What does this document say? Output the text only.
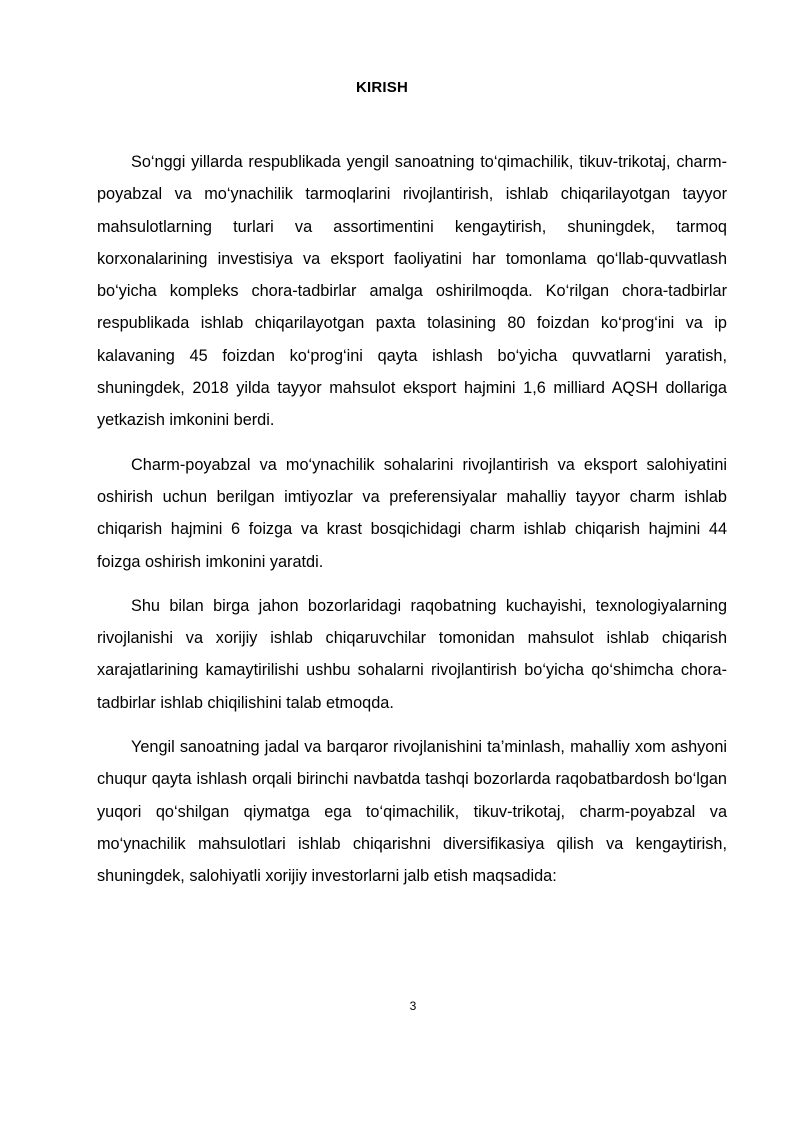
KIRISH

So‘nggi yillarda respublikada yengil sanoatning to‘qimachilik, tikuv-trikotaj, charm-poyabzal va mo‘ynachilik tarmoqlarini rivojlantirish, ishlab chiqarilayotgan tayyor mahsulotlarning turlari va assortimentini kengaytirish, shuningdek, tarmoq korxonalarining investisiya va eksport faoliyatini har tomonlama qo‘llab-quvvatlash bo‘yicha kompleks chora-tadbirlar amalga oshirilmoqda. Ko‘rilgan chora-tadbirlar respublikada ishlab chiqarilayotgan paxta tolasining 80 foizdan ko‘prog‘ini va ip kalavaning 45 foizdan ko‘prog‘ini qayta ishlash bo‘yicha quvvatlarni yaratish, shuningdek, 2018 yilda tayyor mahsulot eksport hajmini 1,6 milliard AQSH dollariga yetkazish imkonini berdi.

Charm-poyabzal va mo‘ynachilik sohalarini rivojlantirish va eksport salohiyatini oshirish uchun berilgan imtiyozlar va preferensiyalar mahalliy tayyor charm ishlab chiqarish hajmini 6 foizga va krast bosqichidagi charm ishlab chiqarish hajmini 44 foizga oshirish imkonini yaratdi.

Shu bilan birga jahon bozorlaridagi raqobatning kuchayishi, texnologiyalarning rivojlanishi va xorijiy ishlab chiqaruvchilar tomonidan mahsulot ishlab chiqarish xarajatlarining kamaytirilishi ushbu sohalarni rivojlantirish bo‘yicha qo‘shimcha chora-tadbirlar ishlab chiqilishini talab etmoqda.

Yengil sanoatning jadal va barqaror rivojlanishini ta’minlash, mahalliy xom ashyoni chuqur qayta ishlash orqali birinchi navbatda tashqi bozorlarda raqobatbardosh bo‘lgan yuqori qo‘shilgan qiymatga ega to‘qimachilik, tikuv-trikotaj, charm-poyabzal va mo‘ynachilik mahsulotlari ishlab chiqarishni diversifikasiya qilish va kengaytirish, shuningdek, salohiyatli xorijiy investorlarni jalb etish maqsadida:

3
